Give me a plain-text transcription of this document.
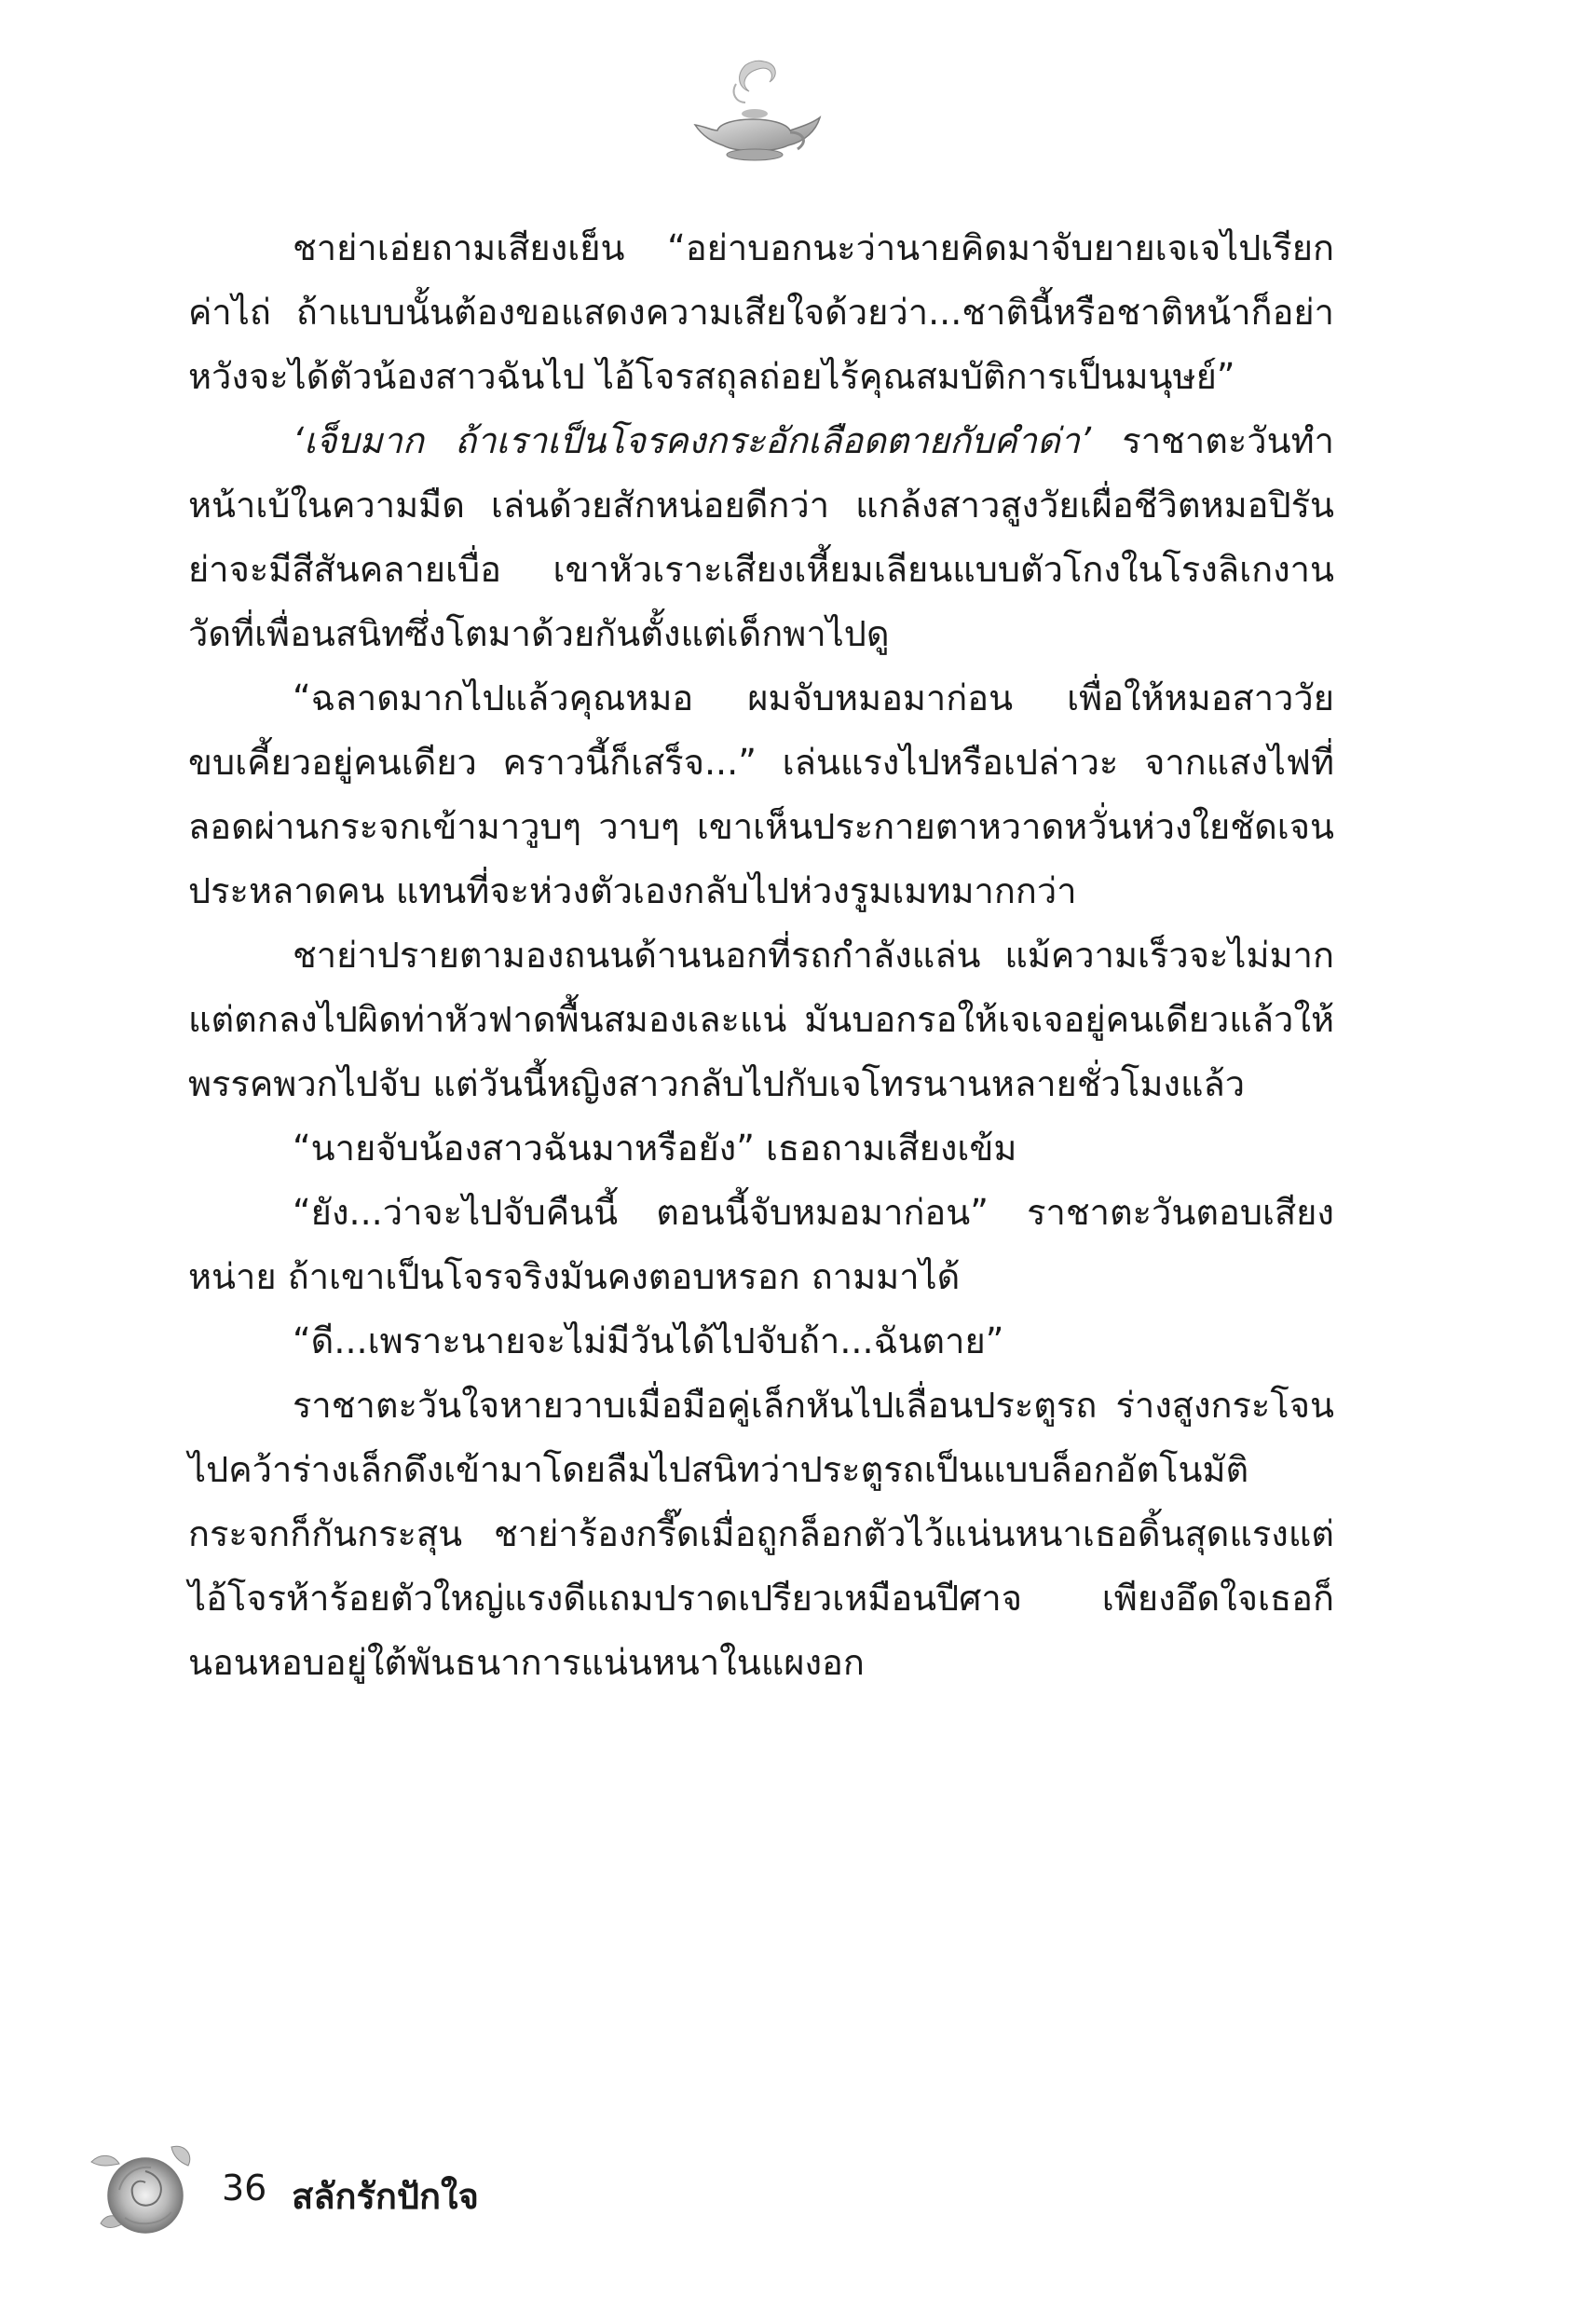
ชาย่าเอ่ยถามเสียงเย็น “อย่าบอกนะว่านายคิดมาจับยายเจเจไปเรียกค่าไถ่ ถ้าแบบนั้นต้องขอแสดงความเสียใจด้วยว่า...ชาตินี้หรือชาติหน้าก็อย่าหวังจะได้ตัวน้องสาวฉันไป ไอ้โจรสถุลถ่อยไร้คุณสมบัติการเป็นมนุษย์”

‘เจ็บมาก ถ้าเราเป็นโจรคงกระอักเลือดตายกับคำด่า’ ราชาตะวันทำหน้าเบ้ในความมืด เล่นด้วยสักหน่อยดีกว่า แกล้งสาวสูงวัยเผื่อชีวิตหมอปิรันย่าจะมีสีสันคลายเบื่อ เขาหัวเราะเสียงเหี้ยมเลียนแบบตัวโกงในโรงลิเกงานวัดที่เพื่อนสนิทซึ่งโตมาด้วยกันตั้งแต่เด็กพาไปดู

“ฉลาดมากไปแล้วคุณหมอ ผมจับหมอมาก่อน เพื่อให้หมอสาววัยขบเคี้ยวอยู่คนเดียว คราวนี้ก็เสร็จ...” เล่นแรงไปหรือเปล่าวะ จากแสงไฟที่ลอดผ่านกระจกเข้ามาวูบๆ วาบๆ เขาเห็นประกายตาหวาดหวั่นห่วงใยชัดเจน ประหลาดคน แทนที่จะห่วงตัวเองกลับไปห่วงรูมเมทมากกว่า

ชาย่าปรายตามองถนนด้านนอกที่รถกำลังแล่น แม้ความเร็วจะไม่มาก แต่ตกลงไปผิดท่าหัวฟาดพื้นสมองเละแน่ มันบอกรอให้เจเจอยู่คนเดียวแล้วให้พรรคพวกไปจับ แต่วันนี้หญิงสาวกลับไปกับเจโทรนานหลายชั่วโมงแล้ว

“นายจับน้องสาวฉันมาหรือยัง” เธอถามเสียงเข้ม

“ยัง...ว่าจะไปจับคืนนี้ ตอนนี้จับหมอมาก่อน” ราชาตะวันตอบเสียงหน่าย ถ้าเขาเป็นโจรจริงมันคงตอบหรอก ถามมาได้

“ดี...เพราะนายจะไม่มีวันได้ไปจับถ้า...ฉันตาย”

ราชาตะวันใจหายวาบเมื่อมือคู่เล็กหันไปเลื่อนประตูรถ ร่างสูงกระโจนไปคว้าร่างเล็กดึงเข้ามาโดยลืมไปสนิทว่าประตูรถเป็นแบบล็อกอัตโนมัติ กระจกก็กันกระสุน ชาย่าร้องกรี๊ดเมื่อถูกล็อกตัวไว้แน่นหนาเธอดิ้นสุดแรงแต่ไอ้โจรห้าร้อยตัวใหญ่แรงดีแถมปราดเปรียวเหมือนปีศาจ เพียงอึดใจเธอก็นอนหอบอยู่ใต้พันธนาการแน่นหนาในแผงอก

36 สลักรักปักใจ
